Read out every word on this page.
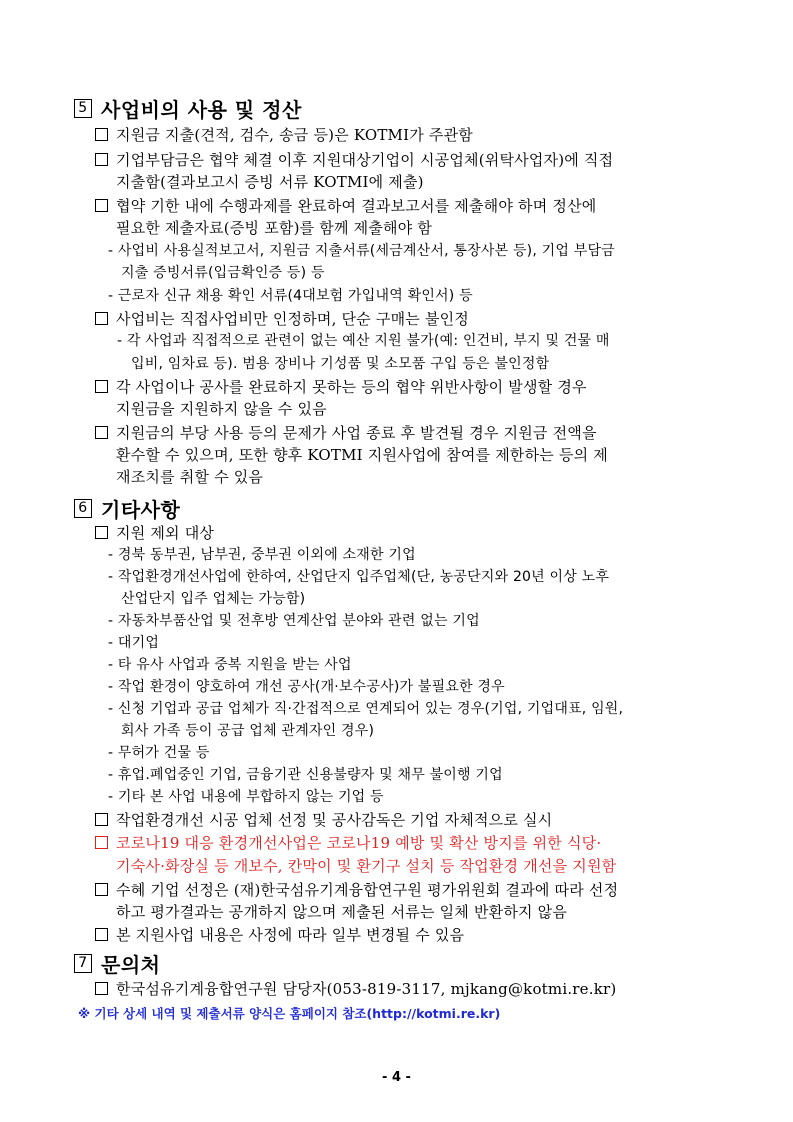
5 사업비의 사용 및 정산
지원금 지출(견적, 검수, 송금 등)은 KOTMI가 주관함
기업부담금은 협약 체결 이후 지원대상기업이 시공업체(위탁사업자)에 직접
지출함(결과보고시 증빙 서류 KOTMI에 제출)
협약 기한 내에 수행과제를 완료하여 결과보고서를 제출해야 하며 정산에
필요한 제출자료(증빙 포함)를 함께 제출해야 함
- 사업비 사용실적보고서, 지원금 지출서류(세금계산서, 통장사본 등), 기업 부담금
지출 증빙서류(입금확인증 등) 등
- 근로자 신규 채용 확인 서류(4대보험 가입내역 확인서) 등
사업비는 직접사업비만 인정하며, 단순 구매는 불인정
- 각 사업과 직접적으로 관련이 없는 예산 지원 불가(예: 인건비, 부지 및 건물 매
입비, 임차료 등). 범용 장비나 기성품 및 소모품 구입 등은 불인정함
각 사업이나 공사를 완료하지 못하는 등의 협약 위반사항이 발생할 경우
지원금을 지원하지 않을 수 있음
지원금의 부당 사용 등의 문제가 사업 종료 후 발견될 경우 지원금 전액을
환수할 수 있으며, 또한 향후 KOTMI 지원사업에 참여를 제한하는 등의 제
재조치를 취할 수 있음
6 기타사항
지원 제외 대상
- 경북 동부권, 남부권, 중부권 이외에 소재한 기업
- 작업환경개선사업에 한하여, 산업단지 입주업체(단, 농공단지와 20년 이상 노후
산업단지 입주 업체는 가능함)
- 자동차부품산업 및 전후방 연계산업 분야와 관련 없는 기업
- 대기업
- 타 유사 사업과 중복 지원을 받는 사업
- 작업 환경이 양호하여 개선 공사(개·보수공사)가 불필요한 경우
- 신청 기업과 공급 업체가 직·간접적으로 연계되어 있는 경우(기업, 기업대표, 임원,
회사 가족 등이 공급 업체 관계자인 경우)
- 무허가 건물 등
- 휴업.폐업중인 기업, 금융기관 신용불량자 및 채무 불이행 기업
- 기타 본 사업 내용에 부합하지 않는 기업 등
작업환경개선 시공 업체 선정 및 공사감독은 기업 자체적으로 실시
코로나19 대응 환경개선사업은 코로나19 예방 및 확산 방지를 위한 식당·
기숙사·화장실 등 개보수, 칸막이 및 환기구 설치 등 작업환경 개선을 지원함
수혜 기업 선정은 (재)한국섬유기계융합연구원 평가위원회 결과에 따라 선정
하고 평가결과는 공개하지 않으며 제출된 서류는 일체 반환하지 않음
본 지원사업 내용은 사정에 따라 일부 변경될 수 있음
7 문의처
한국섬유기계융합연구원 담당자(053-819-3117, mjkang@kotmi.re.kr)
※ 기타 상세 내역 및 제출서류 양식은 홈페이지 참조(http://kotmi.re.kr)
- 4 -
